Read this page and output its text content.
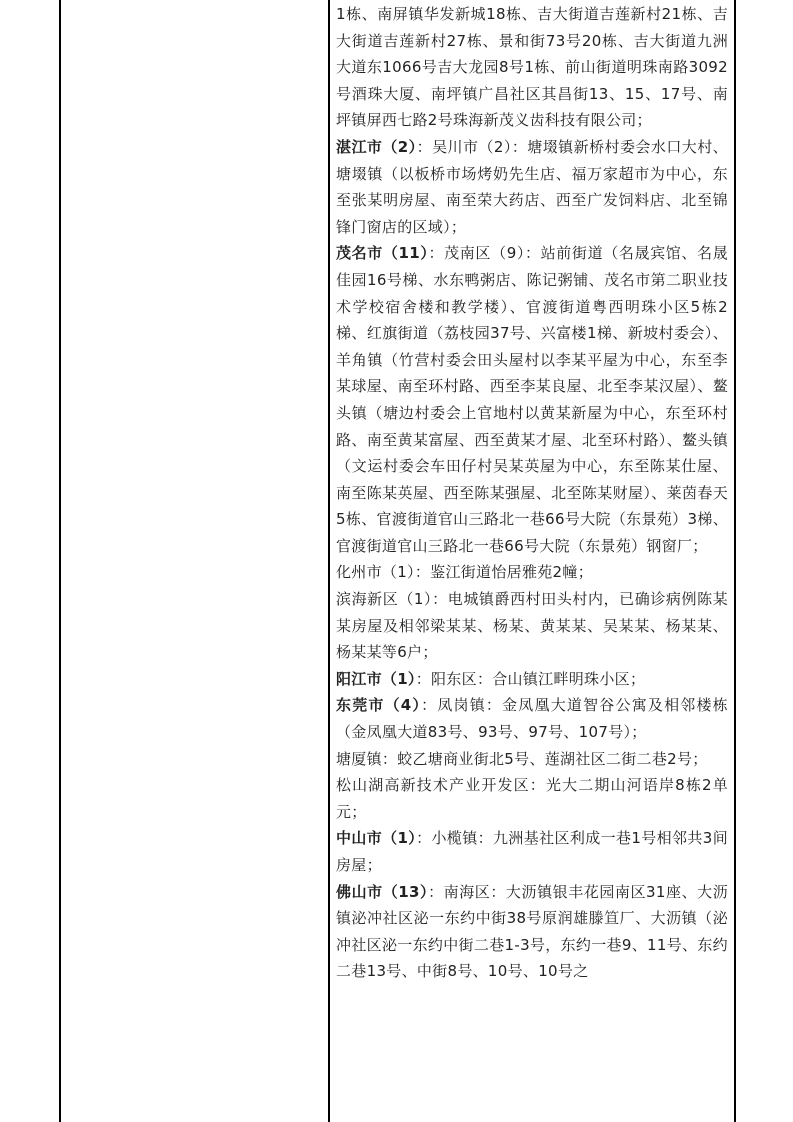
1栋、南屏镇华发新城18栋、吉大街道吉莲新村21栋、吉大街道吉莲新村27栋、景和街73号20栋、吉大街道九洲大道东1066号吉大龙园8号1栋、前山街道明珠南路3092号酒珠大厦、南坪镇广昌社区其昌街13、15、17号、南坪镇屏西七路2号珠海新茂义齿科技有限公司；

湛江市（2）：吴川市（2）：塘㙍镇新桥村委会水口大村、塘㙍镇（以板桥市场烤奶先生店、福万家超市为中心，东至张某明房屋、南至荣大药店、西至广发饲料店、北至锦锋门窗店的区域）；

茂名市（11）：茂南区（9）：站前街道（名晟宾馆、名晟佳园16号梯、水东鸭粥店、陈记粥铺、茂名市第二职业技术学校宿舍楼和教学楼）、官渡街道粤西明珠小区5栋2梯、红旗街道（荔枝园37号、兴富楼1梯、新坡村委会）、羊角镇（竹营村委会田头屋村以李某平屋为中心，东至李某球屋、南至环村路、西至李某良屋、北至李某汉屋）、鳌头镇（塘边村委会上官地村以黄某新屋为中心，东至环村路、南至黄某富屋、西至黄某才屋、北至环村路）、鳌头镇（文运村委会车田仔村吴某英屋为中心，东至陈某仕屋、南至陈某英屋、西至陈某强屋、北至陈某财屋）、莱茵春天5栋、官渡街道官山三路北一巷66号大院（东景苑）3梯、官渡街道官山三路北一巷66号大院（东景苑）钢窗厂；

化州市（1）：鉴江街道怡居雅苑2幢；

滨海新区（1）：电城镇爵西村田头村内，已确诊病例陈某某房屋及相邻梁某某、杨某、黄某某、吴某某、杨某某、杨某某等6户；

阳江市（1）：阳东区：合山镇江畔明珠小区；

东莞市（4）：凤岗镇：金凤凰大道智谷公寓及相邻楼栋（金凤凰大道83号、93号、97号、107号）；

塘厦镇：蛟乙塘商业街北5号、莲湖社区二街二巷2号；

松山湖高新技术产业开发区：光大二期山河语岸8栋2单元；

中山市（1）：小榄镇：九洲基社区利成一巷1号相邻共3间房屋；

佛山市（13）：南海区：大沥镇银丰花园南区31座、大沥镇泌冲社区泌一东约中街38号原润雄滕笪厂、大沥镇（泌冲社区泌一东约中街二巷1-3号，东约一巷9、11号、东约二巷13号、中街8号、10号、10号之
